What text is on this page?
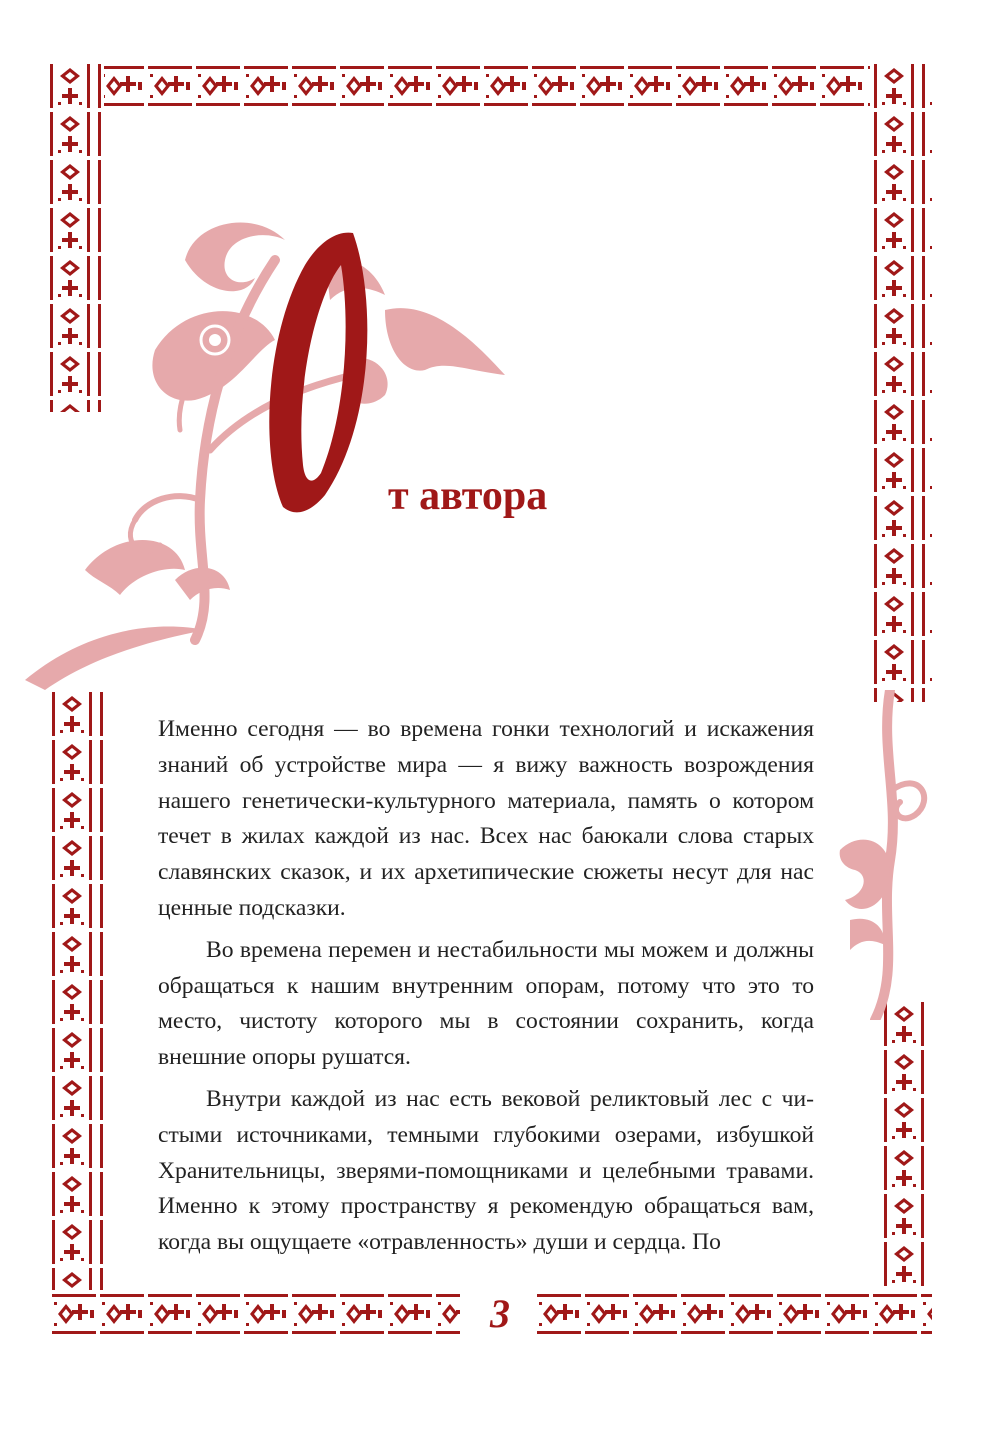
О
т автора

Именно сегодня — во времена гонки технологий и искажения знаний об устройстве мира — я вижу важность возрождения нашего генетически-культурного материала, память о котором течет в жилах каждой из нас. Всех нас баюкали слова старых славянских сказок, и их архетипические сюжеты несут для нас ценные подсказки.

Во времена перемен и нестабильности мы можем и должны обращаться к нашим внутренним опорам, потому что это то место, чистоту которого мы в состоянии сохранить, когда внешние опоры рушатся.

Внутри каждой из нас есть вековой реликтовый лес с чистыми источниками, темными глубокими озерами, избушкой Хранительницы, зверями-помощниками и целебными травами. Именно к этому пространству я рекомендую обращаться вам, когда вы ощущаете «отравленность» души и сердца. По

3
